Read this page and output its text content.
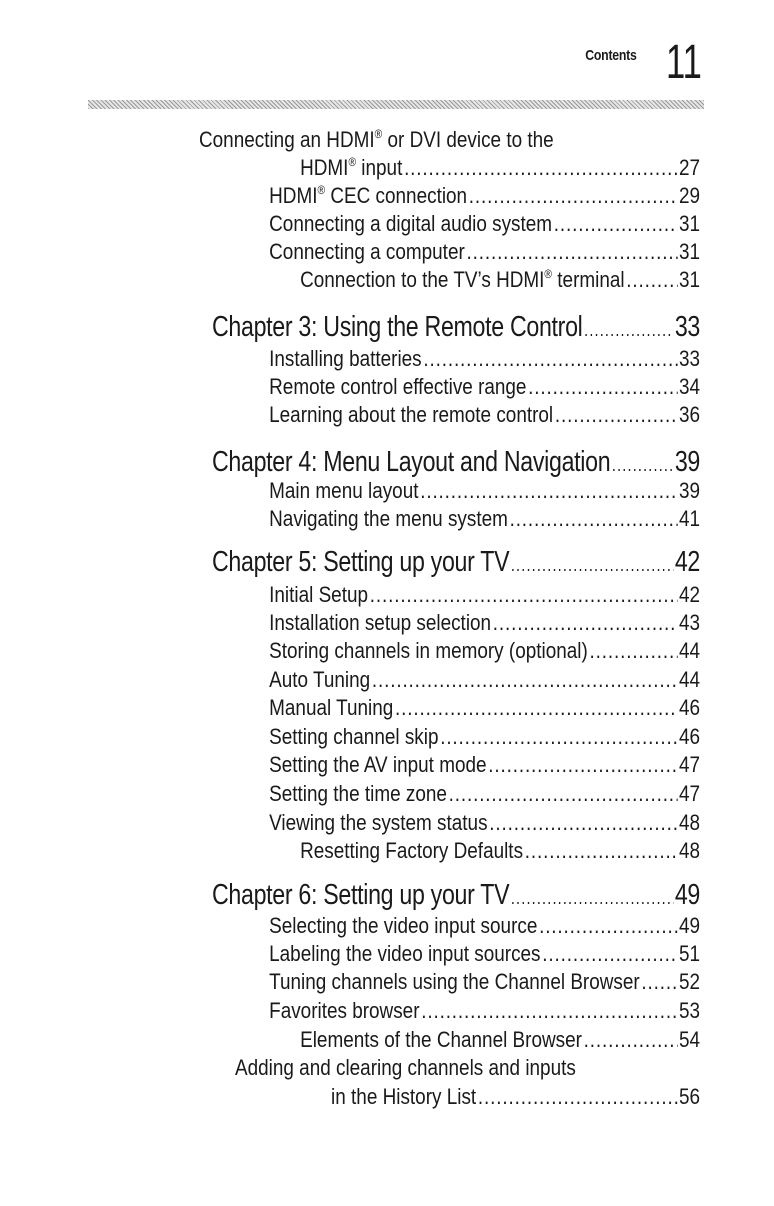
Contents 11
Connecting an HDMI® or DVI device to the
HDMI® input .....	27
HDMI® CEC connection .....	29
Connecting a digital audio system .....	31
Connecting a computer .....	31
Connection to the TV’s HDMI® terminal ..... 31
Chapter 3: Using the Remote Control .....	33
Installing batteries .....	33
Remote control effective range .....	34
Learning about the remote control .....	36
Chapter 4: Menu Layout and Navigation ..... 39
Main menu layout .....	39
Navigating the menu system .....	41
Chapter 5: Setting up your TV .....	42
Initial Setup .....	42
Installation setup selection .....	43
Storing channels in memory (optional) .....	44
Auto Tuning .....	44
Manual Tuning .....	46
Setting channel skip .....	46
Setting the AV input mode .....	47
Setting the time zone .....	47
Viewing the system status .....	48
Resetting Factory Defaults .....	48
Chapter 6: Setting up your TV .....	49
Selecting the video input source .....	49
Labeling the video input sources .....	51
Tuning channels using the Channel Browser ..... 52
Favorites browser .....	53
Elements of the Channel Browser .....	54
Adding and clearing channels and inputs
in the History List .....	56
